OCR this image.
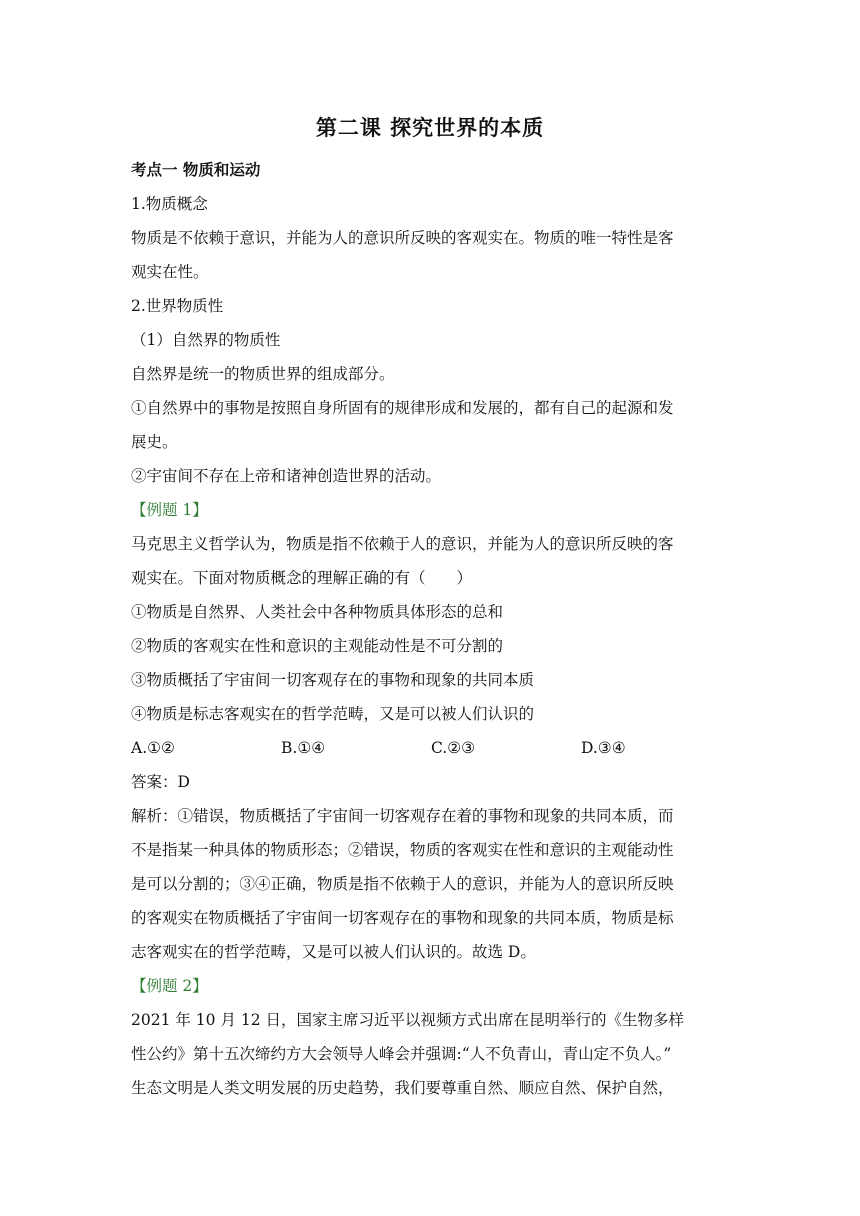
第二课 探究世界的本质
考点一 物质和运动
1.物质概念
物质是不依赖于意识，并能为人的意识所反映的客观实在。物质的唯一特性是客
观实在性。
2.世界物质性
（1）自然界的物质性
自然界是统一的物质世界的组成部分。
①自然界中的事物是按照自身所固有的规律形成和发展的，都有自己的起源和发
展史。
②宇宙间不存在上帝和诸神创造世界的活动。
【例题 1】
马克思主义哲学认为，物质是指不依赖于人的意识，并能为人的意识所反映的客
观实在。下面对物质概念的理解正确的有（　　）
①物质是自然界、人类社会中各种物质具体形态的总和
②物质的客观实在性和意识的主观能动性是不可分割的
③物质概括了宇宙间一切客观存在的事物和现象的共同本质
④物质是标志客观实在的哲学范畴，又是可以被人们认识的
A.①②	B.①④	C.②③	D.③④
答案：D
解析：①错误，物质概括了宇宙间一切客观存在着的事物和现象的共同本质，而
不是指某一种具体的物质形态；②错误，物质的客观实在性和意识的主观能动性
是可以分割的；③④正确，物质是指不依赖于人的意识，并能为人的意识所反映
的客观实在物质概括了宇宙间一切客观存在的事物和现象的共同本质，物质是标
志客观实在的哲学范畴，又是可以被人们认识的。故选 D。
【例题 2】
2021 年 10 月 12 日，国家主席习近平以视频方式出席在昆明举行的《生物多样
性公约》第十五次缔约方大会领导人峰会并强调:“人不负青山，青山定不负人。”
生态文明是人类文明发展的历史趋势，我们要尊重自然、顺应自然、保护自然，
